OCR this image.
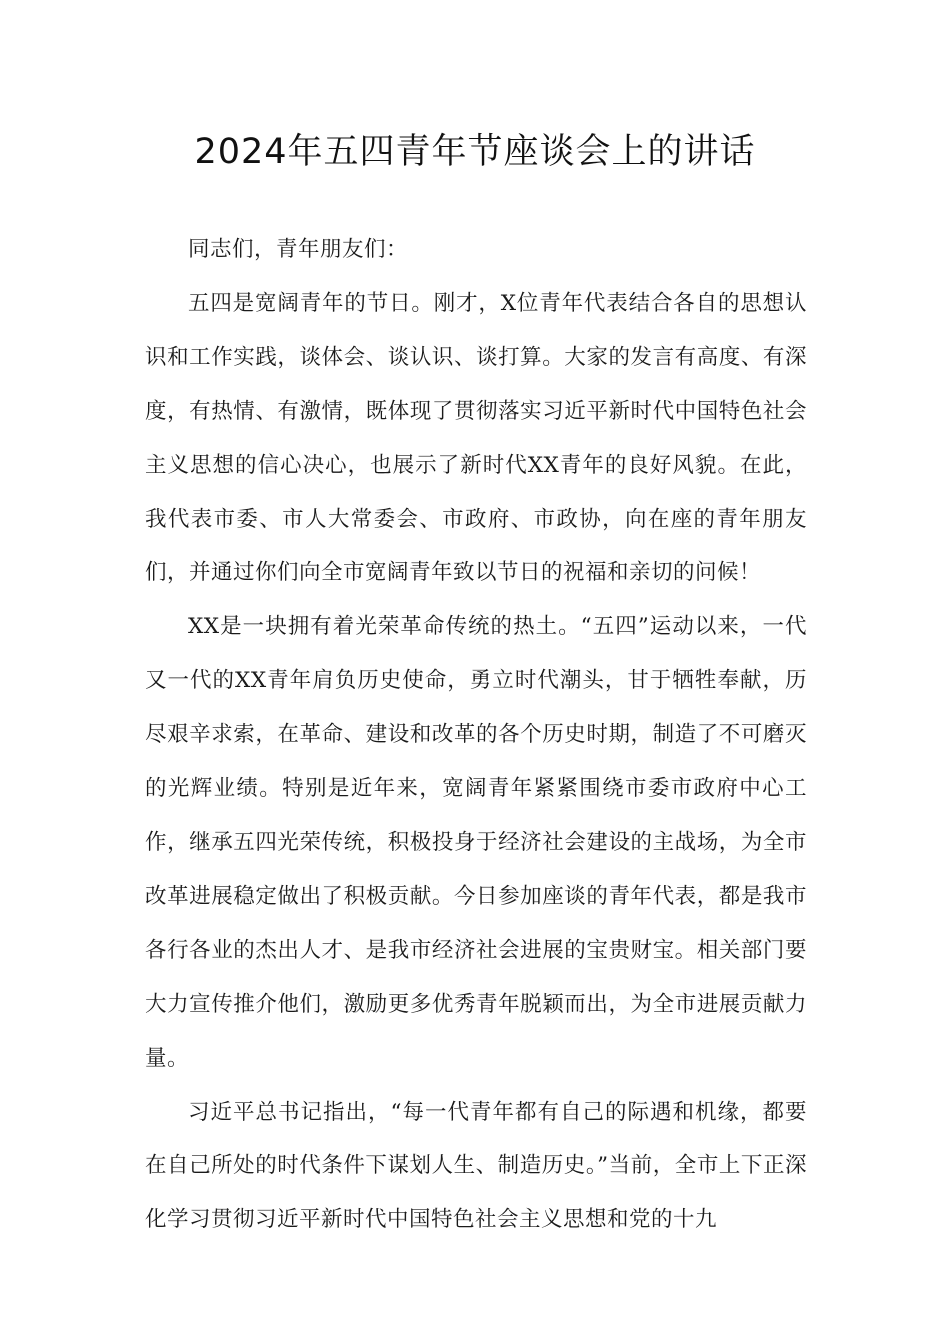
2024年五四青年节座谈会上的讲话

同志们，青年朋友们：

五四是宽阔青年的节日。刚才，X位青年代表结合各自的思想认识和工作实践，谈体会、谈认识、谈打算。大家的发言有高度、有深度，有热情、有激情，既体现了贯彻落实习近平新时代中国特色社会主义思想的信心决心，也展示了新时代XX青年的良好风貌。在此，我代表市委、市人大常委会、市政府、市政协，向在座的青年朋友们，并通过你们向全市宽阔青年致以节日的祝福和亲切的问候！

XX是一块拥有着光荣革命传统的热土。“五四”运动以来，一代又一代的XX青年肩负历史使命，勇立时代潮头，甘于牺牲奉献，历尽艰辛求索，在革命、建设和改革的各个历史时期，制造了不可磨灭的光辉业绩。特别是近年来，宽阔青年紧紧围绕市委市政府中心工作，继承五四光荣传统，积极投身于经济社会建设的主战场，为全市改革进展稳定做出了积极贡献。今日参加座谈的青年代表，都是我市各行各业的杰出人才、是我市经济社会进展的宝贵财宝。相关部门要大力宣传推介他们，激励更多优秀青年脱颖而出，为全市进展贡献力量。

习近平总书记指出，“每一代青年都有自己的际遇和机缘，都要在自己所处的时代条件下谋划人生、制造历史。”当前，全市上下正深化学习贯彻习近平新时代中国特色社会主义思想和党的十九
